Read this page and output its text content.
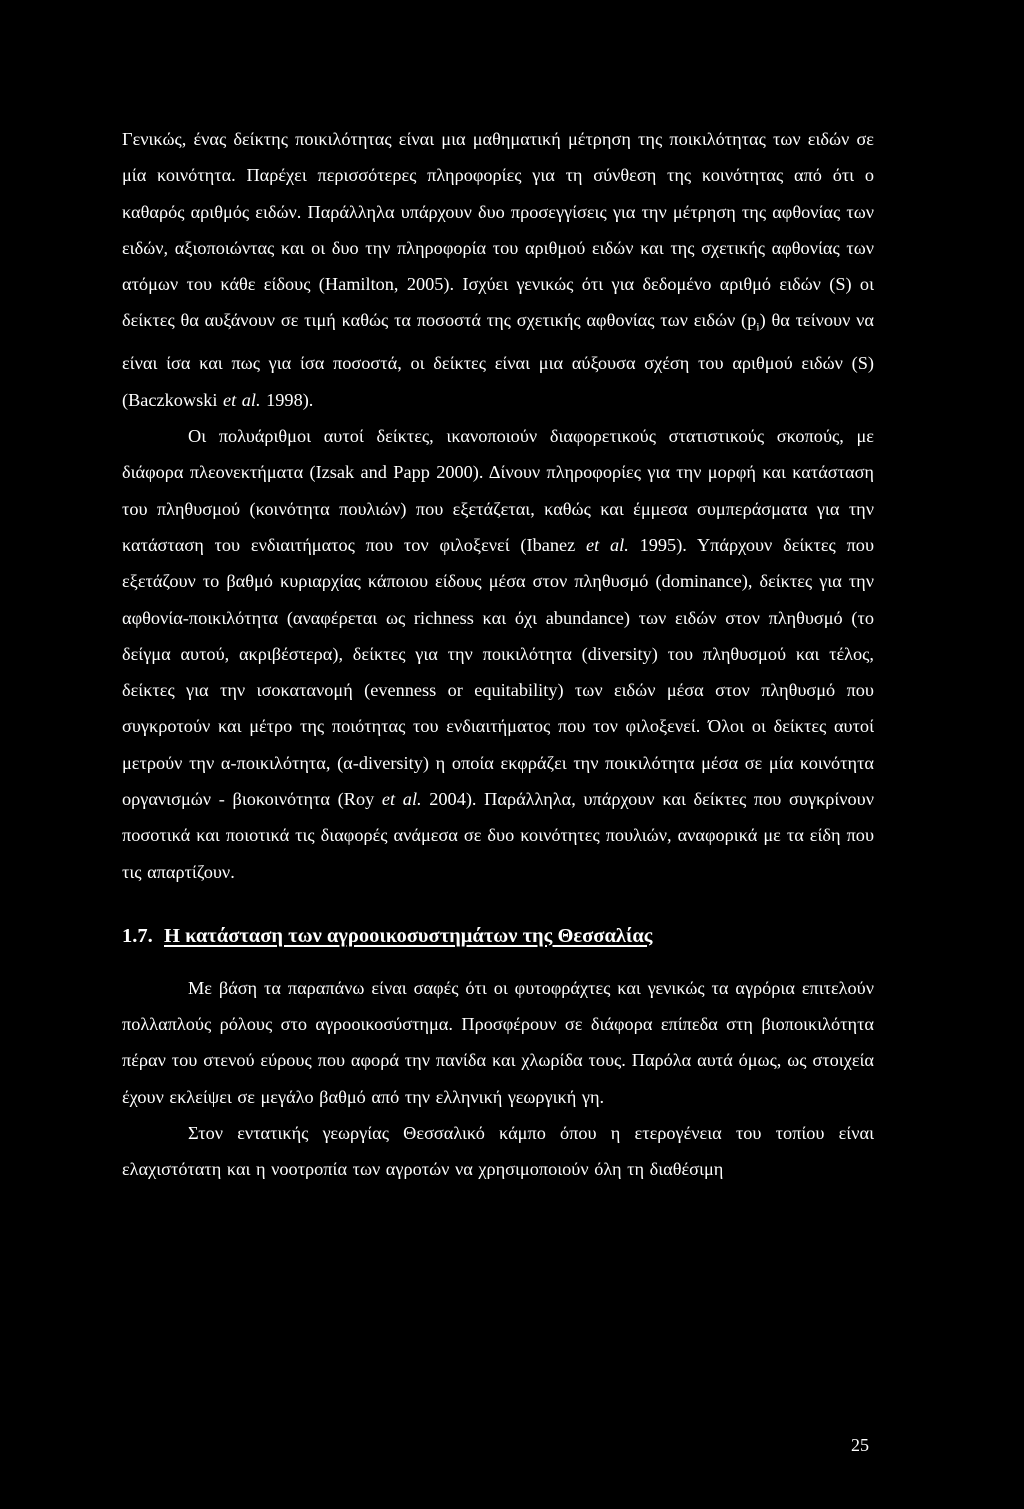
Γενικώς, ένας δείκτης ποικιλότητας είναι μια μαθηματική μέτρηση της ποικιλότητας των ειδών σε μία κοινότητα. Παρέχει περισσότερες πληροφορίες για τη σύνθεση της κοινότητας από ότι ο καθαρός αριθμός ειδών. Παράλληλα υπάρχουν δυο προσεγγίσεις για την μέτρηση της αφθονίας των ειδών, αξιοποιώντας και οι δυο την πληροφορία του αριθμού ειδών και της σχετικής αφθονίας των ατόμων του κάθε είδους (Hamilton, 2005). Ισχύει γενικώς ότι για δεδομένο αριθμό ειδών (S) οι δείκτες θα αυξάνουν σε τιμή καθώς τα ποσοστά της σχετικής αφθονίας των ειδών $(p_i)$ θα τείνουν να είναι ίσα και πως για ίσα ποσοστά, οι δείκτες είναι μια αύξουσα σχέση του αριθμού ειδών (S) (Baczkowski et al. 1998).

Οι πολυάριθμοι αυτοί δείκτες, ικανοποιούν διαφορετικούς στατιστικούς σκοπούς, με διάφορα πλεονεκτήματα (Izsak and Papp 2000). Δίνουν πληροφορίες για την μορφή και κατάσταση του πληθυσμού (κοινότητα πουλιών) που εξετάζεται, καθώς και έμμεσα συμπεράσματα για την κατάσταση του ενδιαιτήματος που τον φιλοξενεί (Ibanez et al. 1995). Υπάρχουν δείκτες που εξετάζουν το βαθμό κυριαρχίας κάποιου είδους μέσα στον πληθυσμό (dominance), δείκτες για την αφθονία-ποικιλότητα (αναφέρεται ως richness και όχι abundance) των ειδών στον πληθυσμό (το δείγμα αυτού, ακριβέστερα), δείκτες για την ποικιλότητα (diversity) του πληθυσμού και τέλος, δείκτες για την ισοκατανομή (evenness or equitability) των ειδών μέσα στον πληθυσμό που συγκροτούν και μέτρο της ποιότητας του ενδιαιτήματος που τον φιλοξενεί. Όλοι οι δείκτες αυτοί μετρούν την α-ποικιλότητα, (α-diversity) η οποία εκφράζει την ποικιλότητα μέσα σε μία κοινότητα οργανισμών - βιοκοινότητα (Roy et al. 2004). Παράλληλα, υπάρχουν και δείκτες που συγκρίνουν ποσοτικά και ποιοτικά τις διαφορές ανάμεσα σε δυο κοινότητες πουλιών, αναφορικά με τα είδη που τις απαρτίζουν.

1.7. Η κατάσταση των αγροοικοσυστημάτων της Θεσσαλίας

Με βάση τα παραπάνω είναι σαφές ότι οι φυτοφράχτες και γενικώς τα αγρόρια επιτελούν πολλαπλούς ρόλους στο αγροοικοσύστημα. Προσφέρουν σε διάφορα επίπεδα στη βιοποικιλότητα πέραν του στενού εύρους που αφορά την πανίδα και χλωρίδα τους. Παρόλα αυτά όμως, ως στοιχεία έχουν εκλείψει σε μεγάλο βαθμό από την ελληνική γεωργική γη.

Στον εντατικής γεωργίας Θεσσαλικό κάμπο όπου η ετερογένεια του τοπίου είναι ελαχιστότατη και η νοοτροπία των αγροτών να χρησιμοποιούν όλη τη διαθέσιμη

25
